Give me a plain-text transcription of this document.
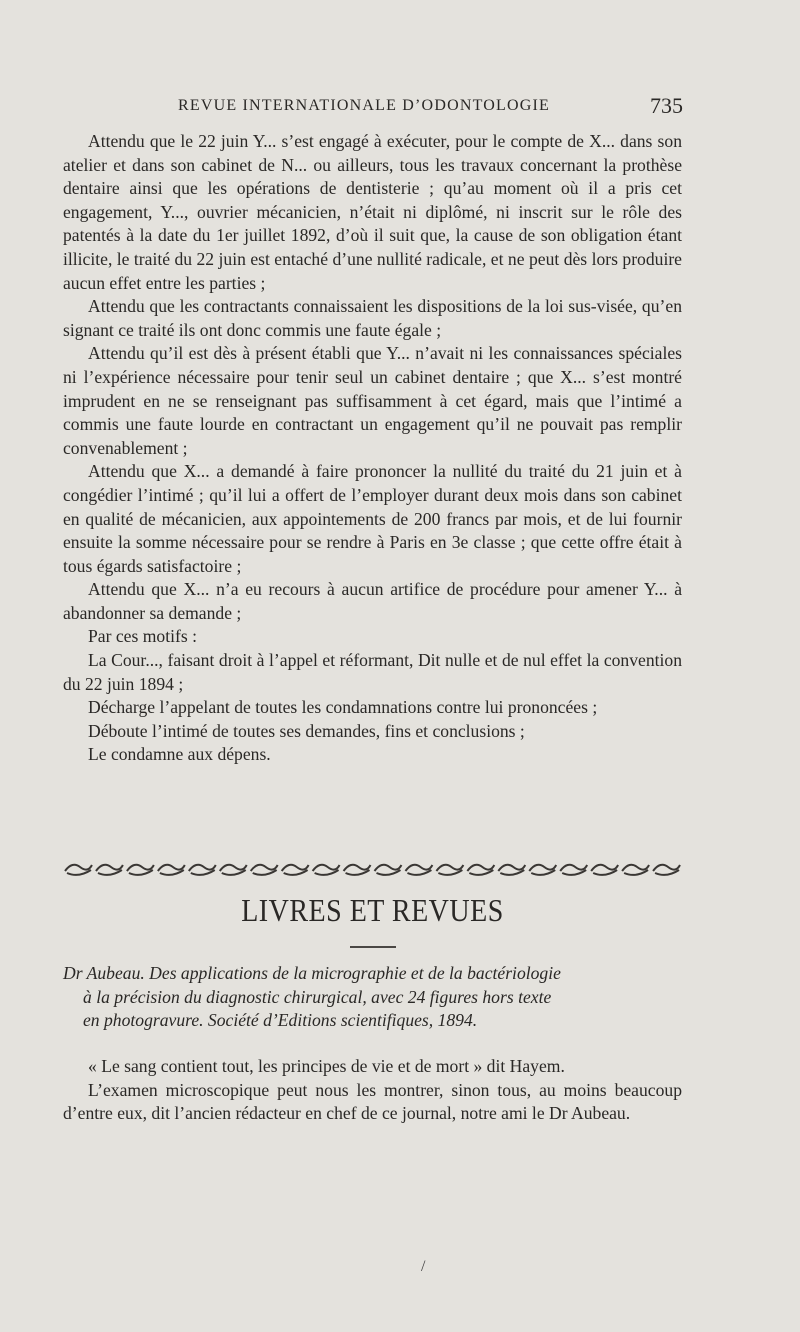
REVUE INTERNATIONALE D’ODONTOLOGIE	735

Attendu que le 22 juin Y... s’est engagé à exécuter, pour le compte de X... dans son atelier et dans son cabinet de N... ou ailleurs, tous les travaux concernant la prothèse dentaire ainsi que les opérations de dentisterie ; qu’au moment où il a pris cet engagement, Y..., ouvrier mécanicien, n’était ni diplômé, ni inscrit sur le rôle des patentés à la date du 1er juillet 1892, d’où il suit que, la cause de son obligation étant illicite, le traité du 22 juin est entaché d’une nullité radicale, et ne peut dès lors produire aucun effet entre les parties ;

Attendu que les contractants connaissaient les dispositions de la loi sus-visée, qu’en signant ce traité ils ont donc commis une faute égale ;

Attendu qu’il est dès à présent établi que Y... n’avait ni les connaissances spéciales ni l’expérience nécessaire pour tenir seul un cabinet dentaire ; que X... s’est montré imprudent en ne se renseignant pas suffisamment à cet égard, mais que l’intimé a commis une faute lourde en contractant un engagement qu’il ne pouvait pas remplir convenablement ;

Attendu que X... a demandé à faire prononcer la nullité du traité du 21 juin et à congédier l’intimé ; qu’il lui a offert de l’employer durant deux mois dans son cabinet en qualité de mécanicien, aux appointements de 200 francs par mois, et de lui fournir ensuite la somme nécessaire pour se rendre à Paris en 3e classe ; que cette offre était à tous égards satisfactoire ;

Attendu que X... n’a eu recours à aucun artifice de procédure pour amener Y... à abandonner sa demande ;

Par ces motifs :

La Cour..., faisant droit à l’appel et réformant, Dit nulle et de nul effet la convention du 22 juin 1894 ;

Décharge l’appelant de toutes les condamnations contre lui prononcées ;

Déboute l’intimé de toutes ses demandes, fins et conclusions ;

Le condamne aux dépens.

LIVRES ET REVUES
Dr Aubeau. Des applications de la micrographie et de la bactériologie
à la précision du diagnostic chirurgical, avec 24 figures hors texte
en photogravure. Société d’Editions scientifiques, 1894.

« Le sang contient tout, les principes de vie et de mort » dit Hayem.

L’examen microscopique peut nous les montrer, sinon tous, au moins beaucoup d’entre eux, dit l’ancien rédacteur en chef de ce journal, notre ami le Dr Aubeau.

/
